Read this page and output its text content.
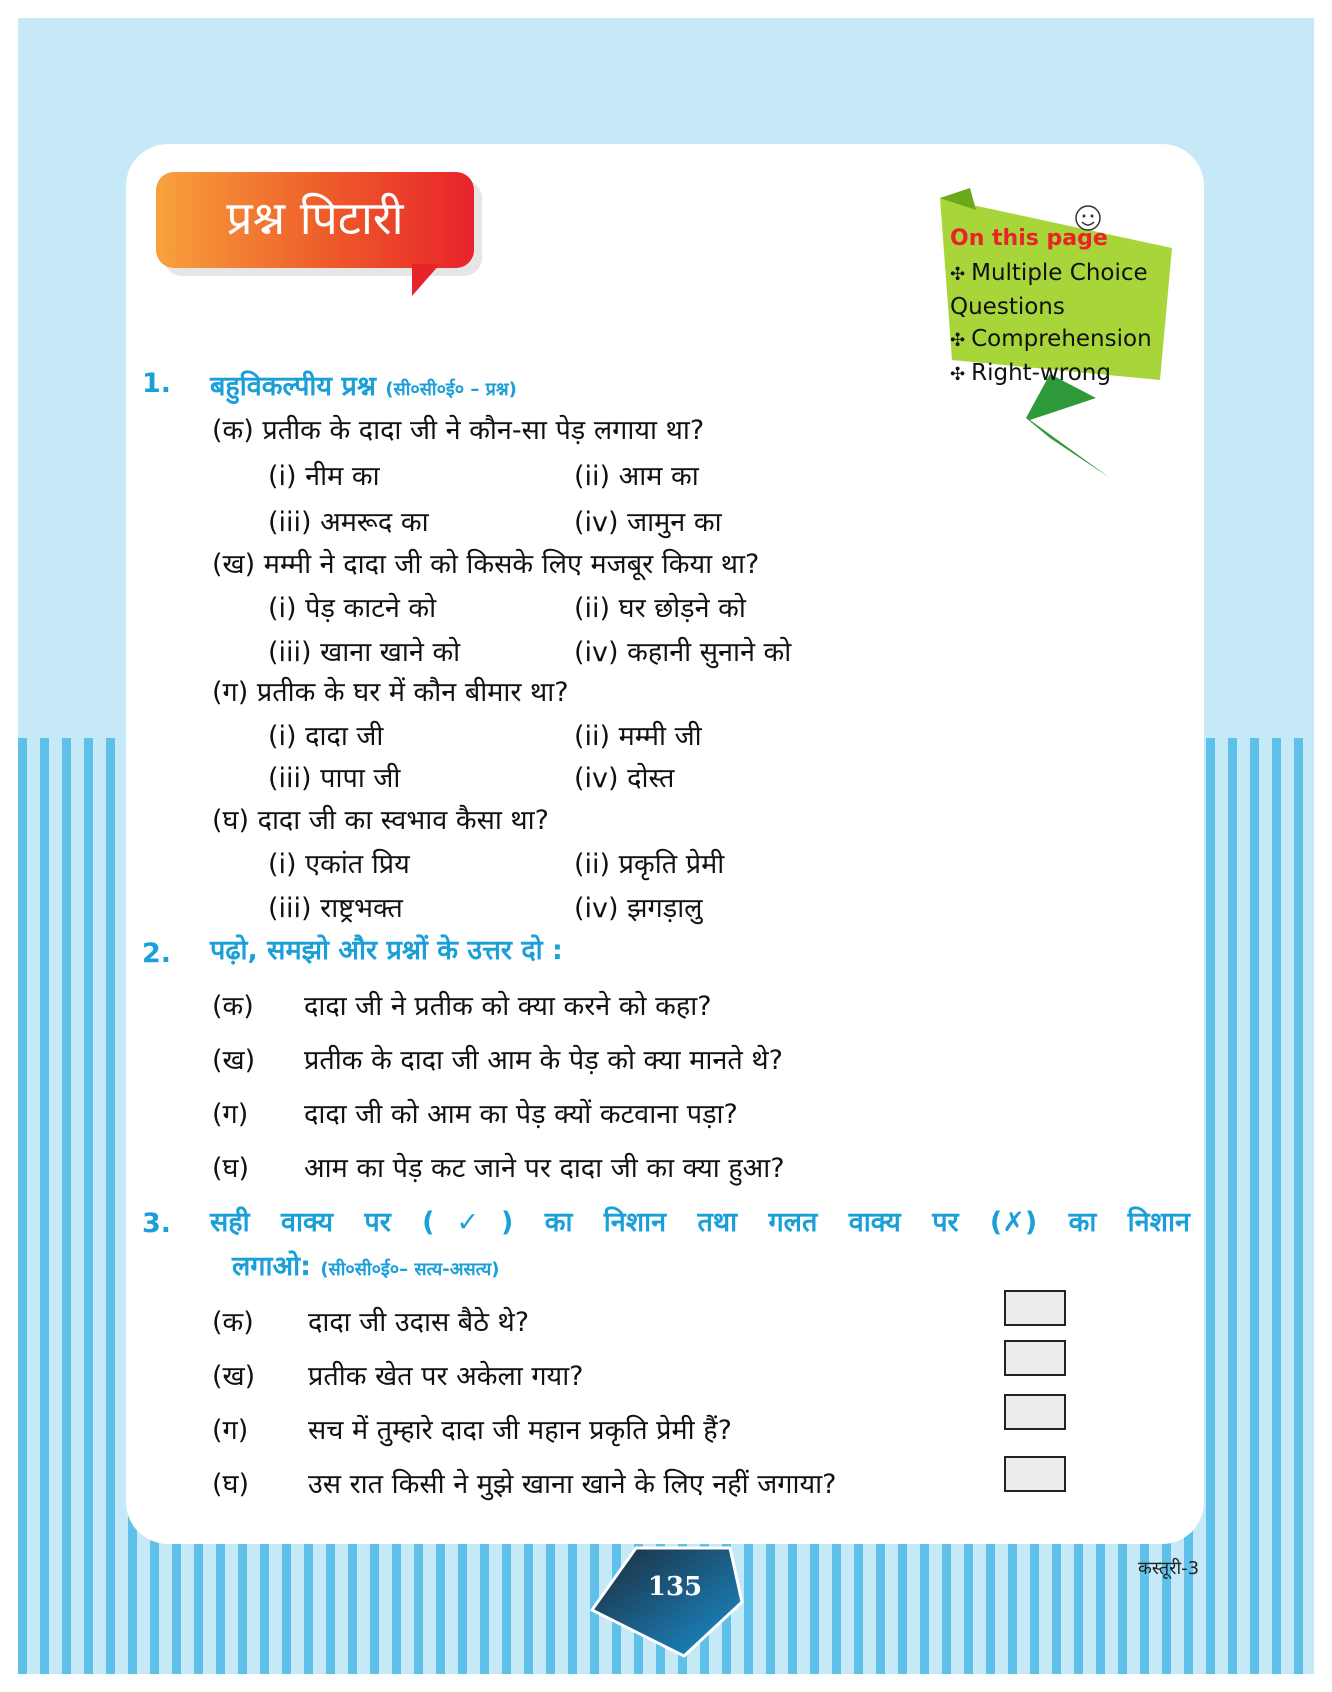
प्रश्न पिटारी	On this page
✣ Multiple Choice Questions
✣ Comprehension
✣ Right-wrong
1. बहुविकल्पीय प्रश्न (सी०सी०ई० – प्रश्न)
(क) प्रतीक के दादा जी ने कौन-सा पेड़ लगाया था?
(i) नीम का	(ii) आम का
(iii) अमरूद का	(iv) जामुन का
(ख) मम्मी ने दादा जी को किसके लिए मजबूर किया था?
(i) पेड़ काटने को	(ii) घर छोड़ने को
(iii) खाना खाने को	(iv) कहानी सुनाने को
(ग) प्रतीक के घर में कौन बीमार था?
(i) दादा जी	(ii) मम्मी जी
(iii) पापा जी	(iv) दोस्त
(घ) दादा जी का स्वभाव कैसा था?
(i) एकांत प्रिय	(ii) प्रकृति प्रेमी
(iii) राष्ट्रभक्त	(iv) झगड़ालु
2. पढ़ो, समझो और प्रश्नों के उत्तर दो :
(क) दादा जी ने प्रतीक को क्या करने को कहा?
(ख) प्रतीक के दादा जी आम के पेड़ को क्या मानते थे?
(ग) दादा जी को आम का पेड़ क्यों कटवाना पड़ा?
(घ) आम का पेड़ कट जाने पर दादा जी का क्या हुआ?
3. सही वाक्य पर (✓) का निशान तथा गलत वाक्य पर (✗) का निशान
लगाओ: (सी०सी०ई०– सत्य-असत्य)
(क) दादा जी उदास बैठे थे?
(ख) प्रतीक खेत पर अकेला गया?
(ग) सच में तुम्हारे दादा जी महान प्रकृति प्रेमी हैं?
(घ) उस रात किसी ने मुझे खाना खाने के लिए नहीं जगाया?
135
कस्तूरी-3
